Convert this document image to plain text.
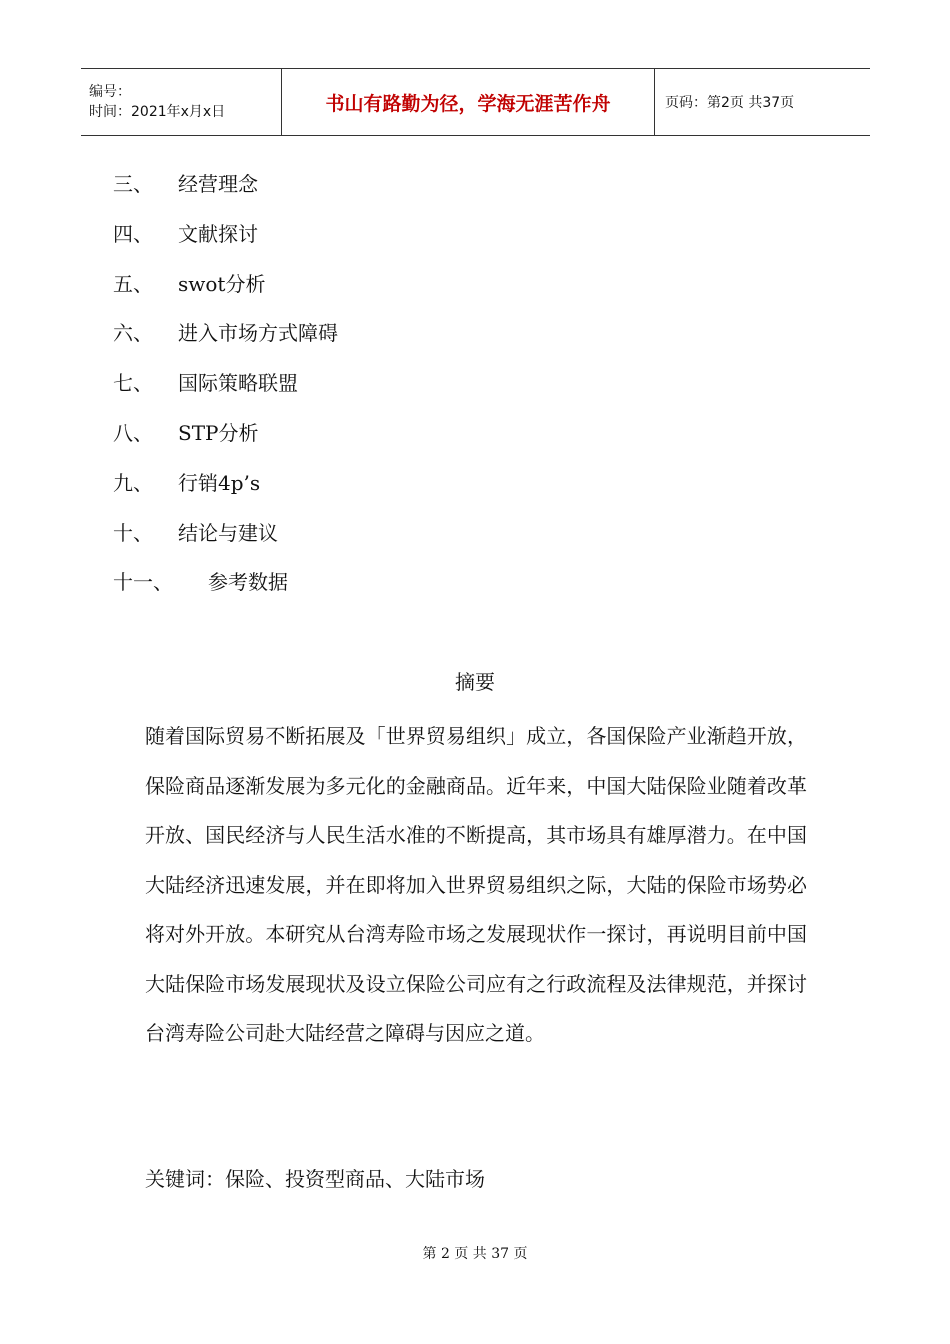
编号：
时间：2021年x月x日	书山有路勤为径，学海无涯苦作舟	页码：第2页 共37页
三、	经营理念
四、	文献探讨
五、	swot分析
六、	进入市场方式障碍
七、	国际策略联盟
八、	STP分析
九、	行销4p’s
十、	结论与建议
十一、	参考数据
摘要
随着国际贸易不断拓展及「世界贸易组织」成立，各国保险产业渐趋开放，保险商品逐渐发展为多元化的金融商品。近年来，中国大陆保险业随着改革开放、国民经济与人民生活水准的不断提高，其市场具有雄厚潜力。在中国大陆经济迅速发展，并在即将加入世界贸易组织之际，大陆的保险市场势必将对外开放。本研究从台湾寿险市场之发展现状作一探讨，再说明目前中国大陆保险市场发展现状及设立保险公司应有之行政流程及法律规范，并探讨台湾寿险公司赴大陆经营之障碍与因应之道。
关键词：保险、投资型商品、大陆市场
第 2 页 共 37 页
